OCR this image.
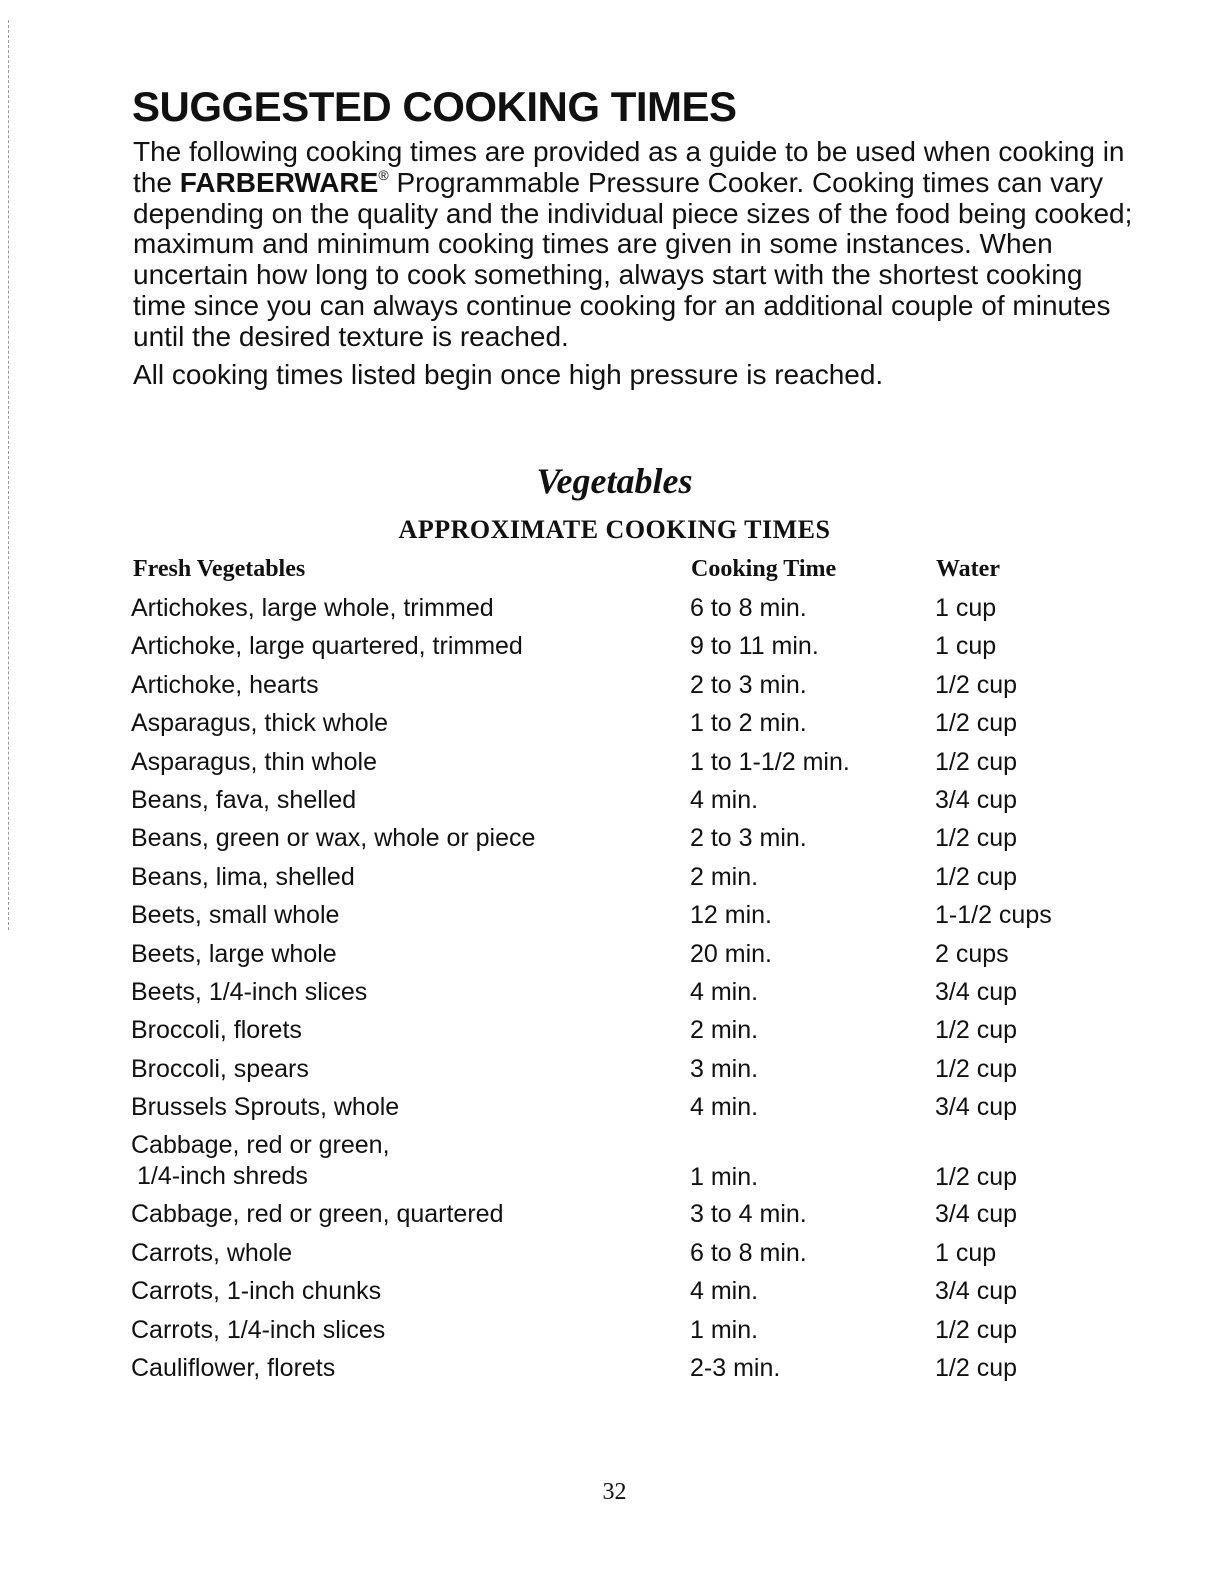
SUGGESTED COOKING TIMES

The following cooking times are provided as a guide to be used when cooking in the FARBERWARE® Programmable Pressure Cooker. Cooking times can vary depending on the quality and the individual piece sizes of the food being cooked; maximum and minimum cooking times are given in some instances. When uncertain how long to cook something, always start with the shortest cooking time since you can always continue cooking for an additional couple of minutes until the desired texture is reached.

All cooking times listed begin once high pressure is reached.

Vegetables
APPROXIMATE COOKING TIMES
Fresh Vegetables	Cooking Time	Water
Artichokes, large whole, trimmed	6 to 8 min.	1 cup
Artichoke, large quartered, trimmed	9 to 11 min.	1 cup
Artichoke, hearts	2 to 3 min.	1/2 cup
Asparagus, thick whole	1 to 2 min.	1/2 cup
Asparagus, thin whole	1 to 1-1/2 min.	1/2 cup
Beans, fava, shelled	4 min.	3/4 cup
Beans, green or wax, whole or piece	2 to 3 min.	1/2 cup
Beans, lima, shelled	2 min.	1/2 cup
Beets, small whole	12 min.	1-1/2 cups
Beets, large whole	20 min.	2 cups
Beets, 1/4-inch slices	4 min.	3/4 cup
Broccoli, florets	2 min.	1/2 cup
Broccoli, spears	3 min.	1/2 cup
Brussels Sprouts, whole	4 min.	3/4 cup
Cabbage, red or green,
1/4-inch shreds	1 min.	1/2 cup
Cabbage, red or green, quartered	3 to 4 min.	3/4 cup
Carrots, whole	6 to 8 min.	1 cup
Carrots, 1-inch chunks	4 min.	3/4 cup
Carrots, 1/4-inch slices	1 min.	1/2 cup
Cauliflower, florets	2-3 min.	1/2 cup
32
